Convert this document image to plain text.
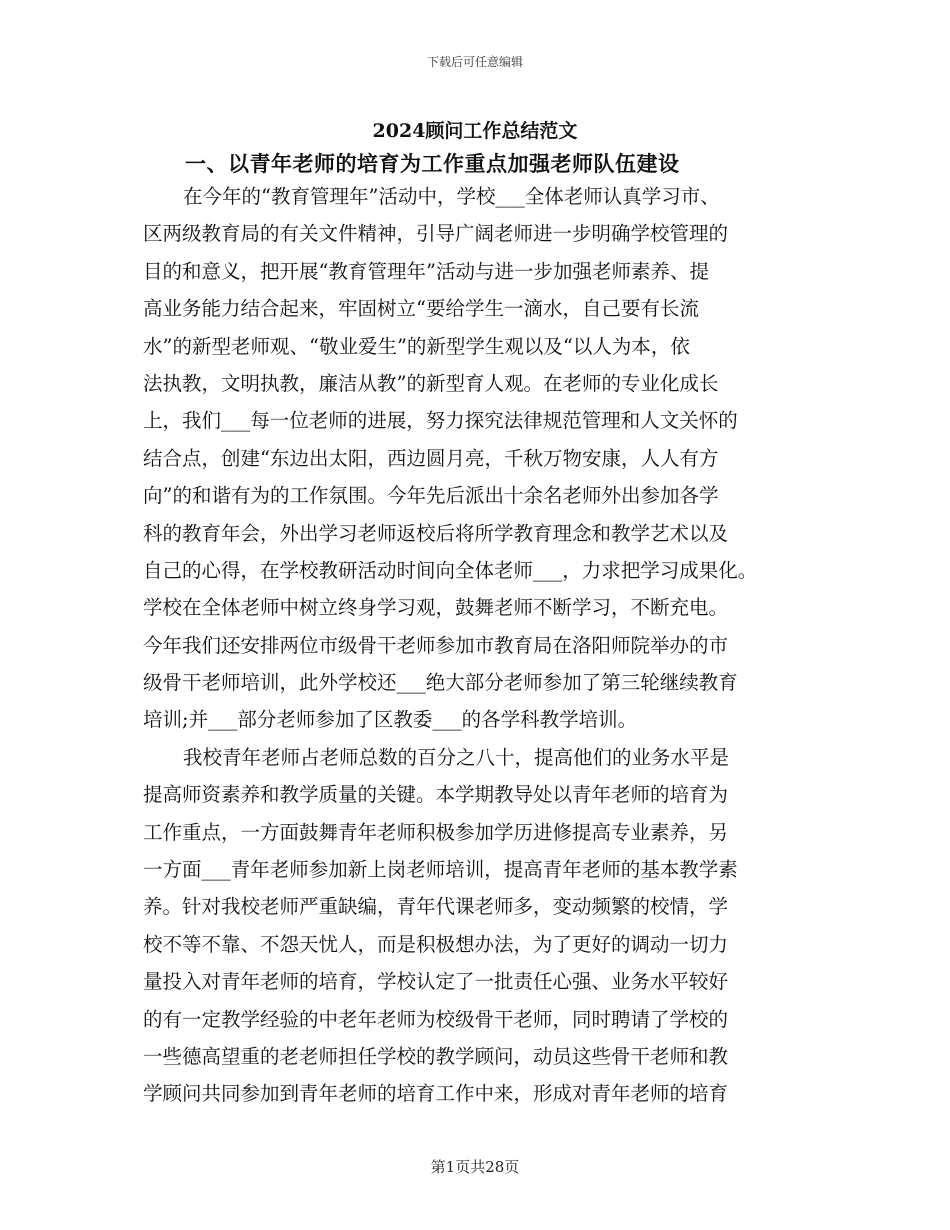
下载后可任意编辑
2024顾问工作总结范文
一、以青年老师的培育为工作重点加强老师队伍建设
在今年的“教育管理年”活动中，学校___全体老师认真学习市、
区两级教育局的有关文件精神，引导广阔老师进一步明确学校管理的
目的和意义，把开展“教育管理年”活动与进一步加强老师素养、提
高业务能力结合起来，牢固树立“要给学生一滴水，自己要有长流
水”的新型老师观、“敬业爱生”的新型学生观以及“以人为本，依
法执教，文明执教，廉洁从教”的新型育人观。在老师的专业化成长
上，我们___每一位老师的进展，努力探究法律规范管理和人文关怀的
结合点，创建“东边出太阳，西边圆月亮，千秋万物安康，人人有方
向”的和谐有为的工作氛围。今年先后派出十余名老师外出参加各学
科的教育年会，外出学习老师返校后将所学教育理念和教学艺术以及
自己的心得，在学校教研活动时间向全体老师___，力求把学习成果化。
学校在全体老师中树立终身学习观，鼓舞老师不断学习，不断充电。
今年我们还安排两位市级骨干老师参加市教育局在洛阳师院举办的市
级骨干老师培训，此外学校还___绝大部分老师参加了第三轮继续教育
培训;并___部分老师参加了区教委___的各学科教学培训。
我校青年老师占老师总数的百分之八十，提高他们的业务水平是
提高师资素养和教学质量的关键。本学期教导处以青年老师的培育为
工作重点，一方面鼓舞青年老师积极参加学历进修提高专业素养，另
一方面___青年老师参加新上岗老师培训，提高青年老师的基本教学素
养。针对我校老师严重缺编，青年代课老师多，变动频繁的校情，学
校不等不靠、不怨天忧人，而是积极想办法，为了更好的调动一切力
量投入对青年老师的培育，学校认定了一批责任心强、业务水平较好
的有一定教学经验的中老年老师为校级骨干老师，同时聘请了学校的
一些德高望重的老老师担任学校的教学顾问，动员这些骨干老师和教
学顾问共同参加到青年老师的培育工作中来，形成对青年老师的培育
第1页共28页
